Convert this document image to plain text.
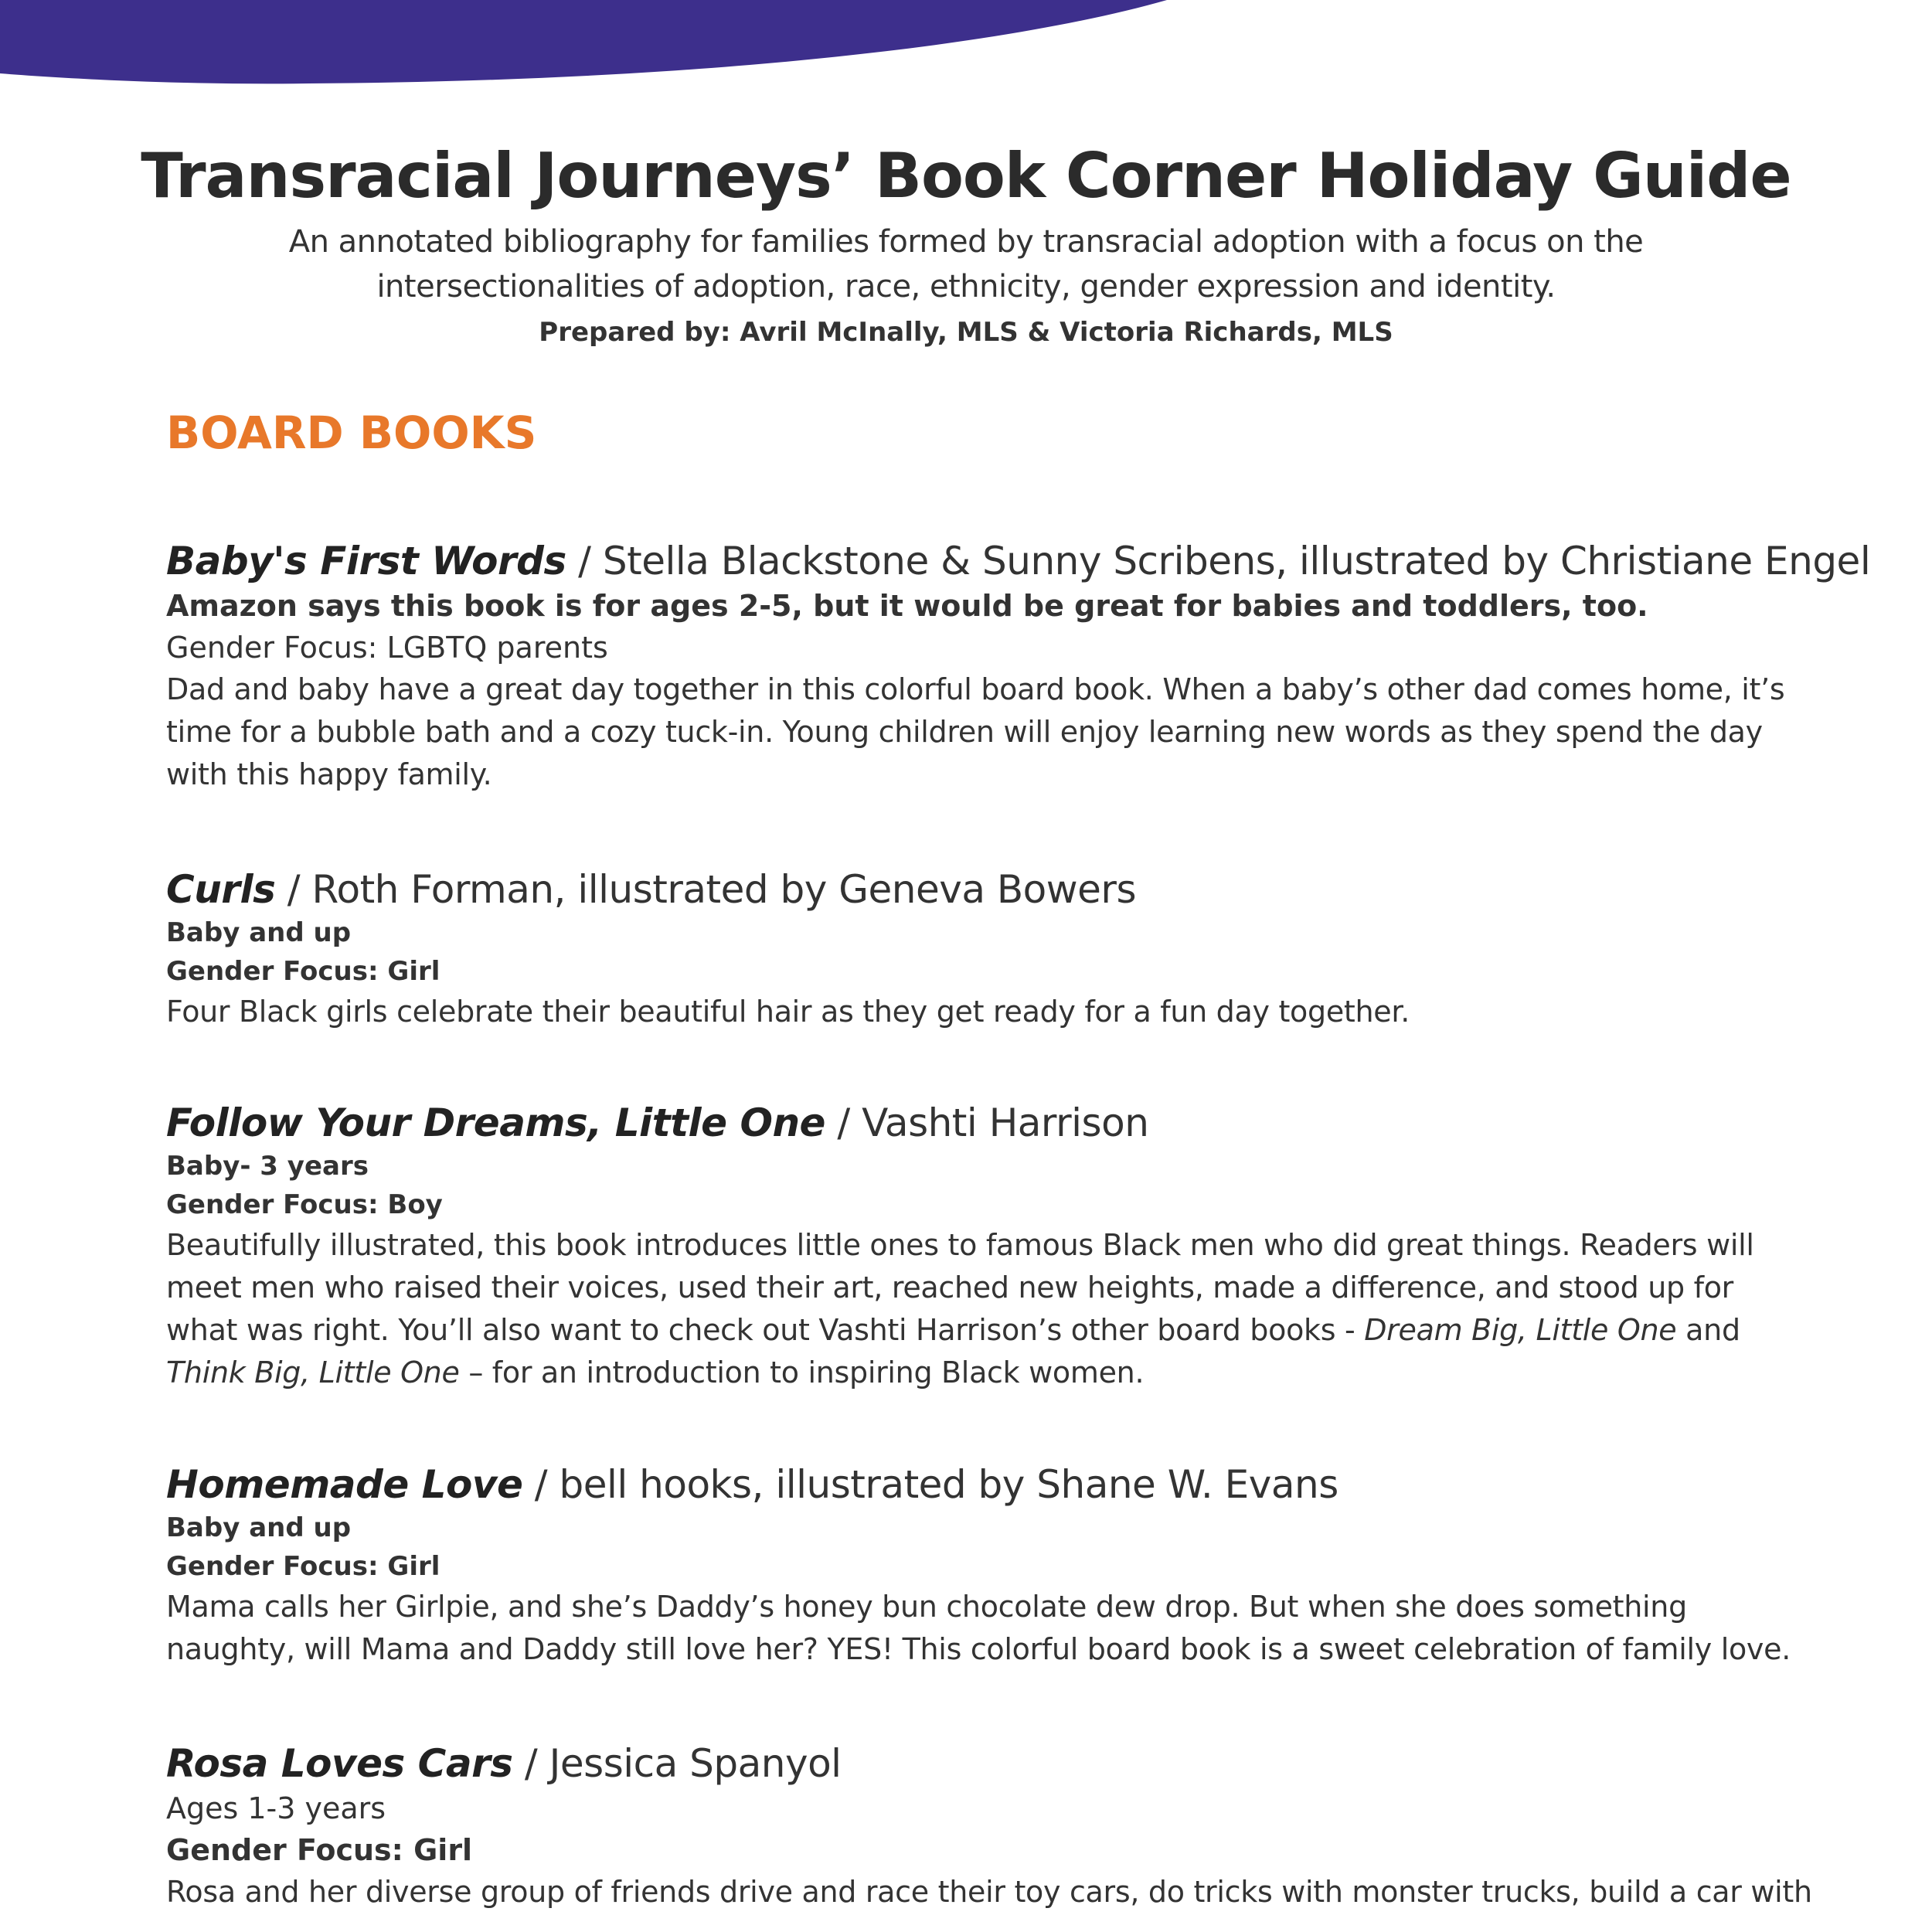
Transracial Journeys’ Book Corner Holiday Guide

An annotated bibliography for families formed by transracial adoption with a focus on the
intersectionalities of adoption, race, ethnicity, gender expression and identity.

Prepared by: Avril McInally, MLS & Victoria Richards, MLS

BOARD BOOKS

Baby's First Words / Stella Blackstone & Sunny Scribens, illustrated by Christiane Engel

Amazon says this book is for ages 2-5, but it would be great for babies and toddlers, too.

Gender Focus: LGBTQ parents

Dad and baby have a great day together in this colorful board book. When a baby’s other dad comes home, it’s
time for a bubble bath and a cozy tuck-in. Young children will enjoy learning new words as they spend the day
with this happy family.

Curls / Roth Forman, illustrated by Geneva Bowers

Baby and up

Gender Focus: Girl

Four Black girls celebrate their beautiful hair as they get ready for a fun day together.

Follow Your Dreams, Little One / Vashti Harrison

Baby- 3 years

Gender Focus: Boy

Beautifully illustrated, this book introduces little ones to famous Black men who did great things. Readers will
meet men who raised their voices, used their art, reached new heights, made a difference, and stood up for
what was right. You’ll also want to check out Vashti Harrison’s other board books - Dream Big, Little One and
Think Big, Little One – for an introduction to inspiring Black women.

Homemade Love / bell hooks, illustrated by Shane W. Evans

Baby and up

Gender Focus: Girl

Mama calls her Girlpie, and she’s Daddy’s honey bun chocolate dew drop. But when she does something
naughty, will Mama and Daddy still love her? YES! This colorful board book is a sweet celebration of family love.

Rosa Loves Cars / Jessica Spanyol

Ages 1-3 years

Gender Focus: Girl

Rosa and her diverse group of friends drive and race their toy cars, do tricks with monster trucks, build a car with
